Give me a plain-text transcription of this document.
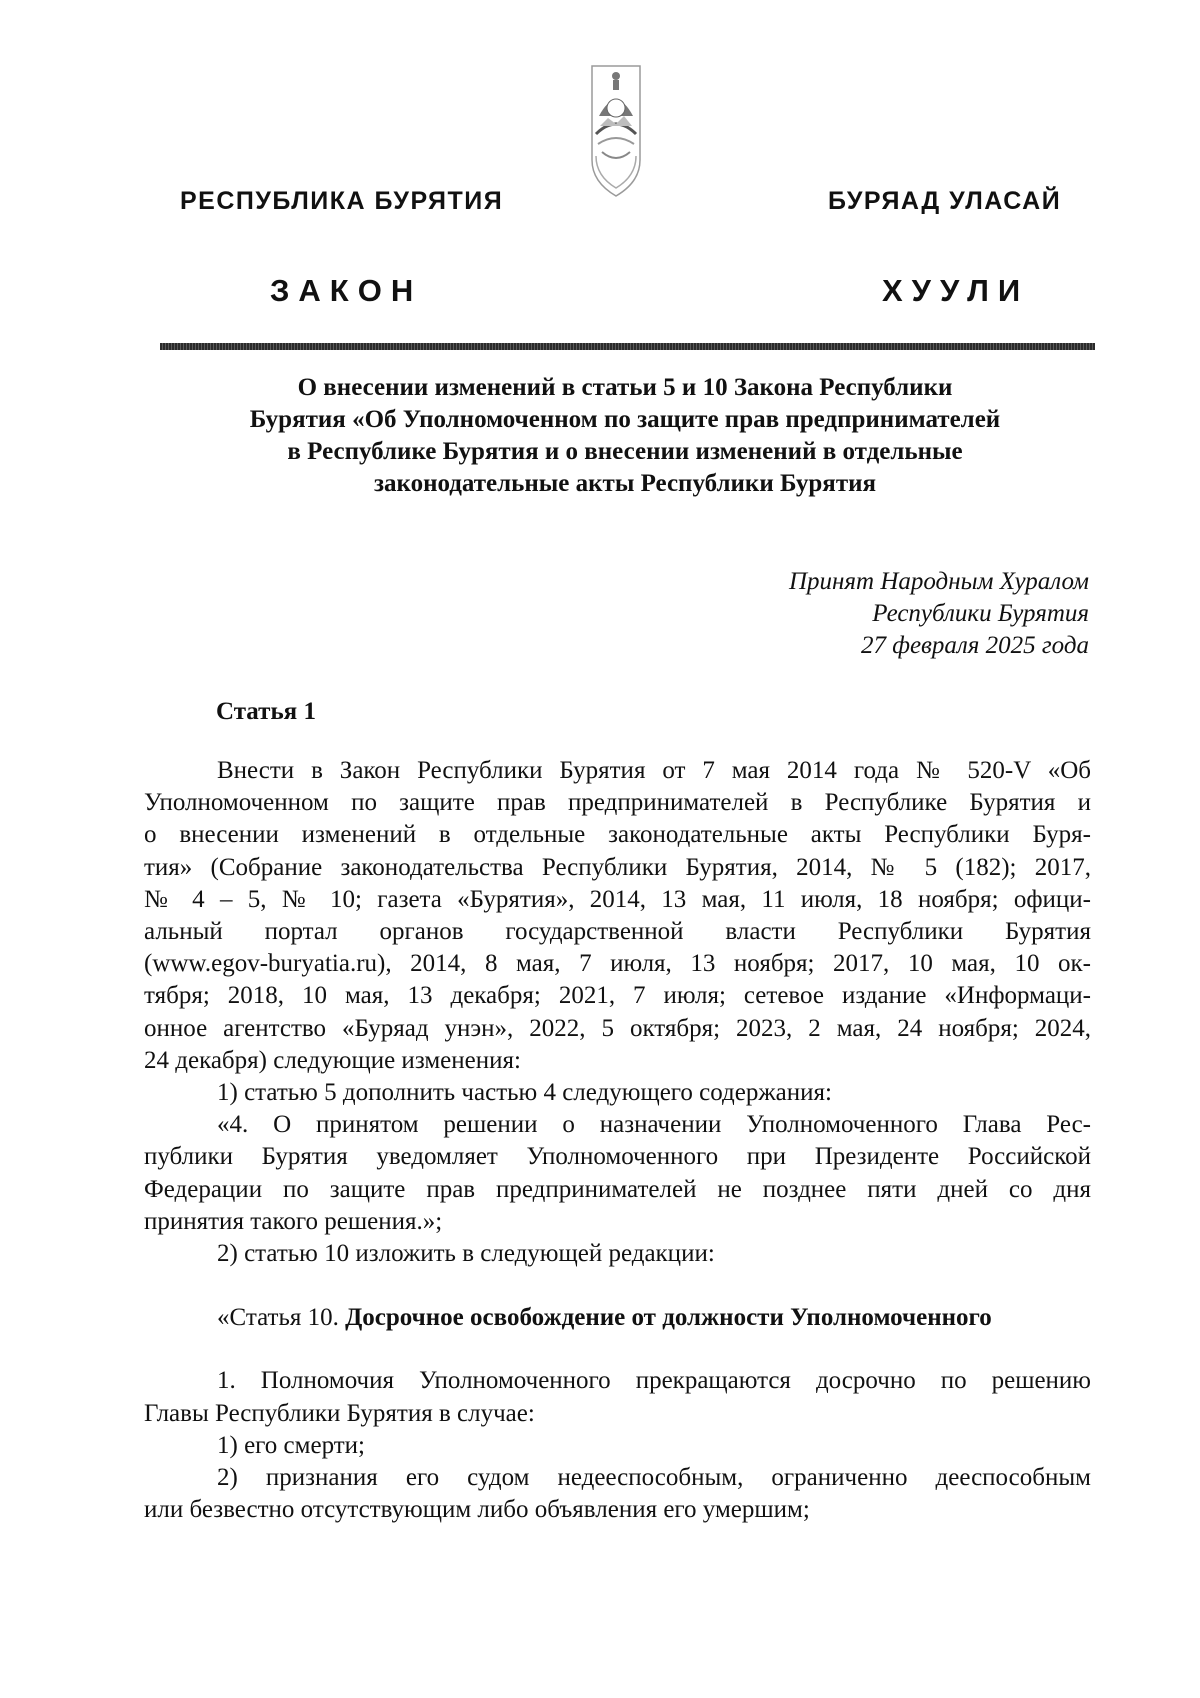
РЕСПУБЛИКА БУРЯТИЯ	БУРЯАД УЛАСАЙ
ЗАКОН	ХУУЛИ
О внесении изменений в статьи 5 и 10 Закона Республики
Бурятия «Об Уполномоченном по защите прав предпринимателей
в Республике Бурятия и о внесении изменений в отдельные
законодательные акты Республики Бурятия

Принят Народным Хуралом
Республики Бурятия
27 февраля 2025 года

Статья 1
Внести в Закон Республики Бурятия от 7 мая 2014 года № 520-V «Об
Уполномоченном по защите прав предпринимателей в Республике Бурятия и
о внесении изменений в отдельные законодательные акты Республики Буря-
тия» (Собрание законодательства Республики Бурятия, 2014, № 5 (182); 2017,
№ 4 – 5, № 10; газета «Бурятия», 2014, 13 мая, 11 июля, 18 ноября; офици-
альный портал органов государственной власти Республики Бурятия
(www.egov-buryatia.ru), 2014, 8 мая, 7 июля, 13 ноября; 2017, 10 мая, 10 ок-
тября; 2018, 10 мая, 13 декабря; 2021, 7 июля; сетевое издание «Информаци-
онное агентство «Буряад унэн», 2022, 5 октября; 2023, 2 мая, 24 ноября; 2024,
24 декабря) следующие изменения:
1) статью 5 дополнить частью 4 следующего содержания:
«4. О принятом решении о назначении Уполномоченного Глава Рес-
публики Бурятия уведомляет Уполномоченного при Президенте Российской
Федерации по защите прав предпринимателей не позднее пяти дней со дня
принятия такого решения.»;
2) статью 10 изложить в следующей редакции:
«Статья 10. Досрочное освобождение от должности Уполномоченного
1. Полномочия Уполномоченного прекращаются досрочно по решению
Главы Республики Бурятия в случае:
1) его смерти;
2) признания его судом недееспособным, ограниченно дееспособным
или безвестно отсутствующим либо объявления его умершим;
